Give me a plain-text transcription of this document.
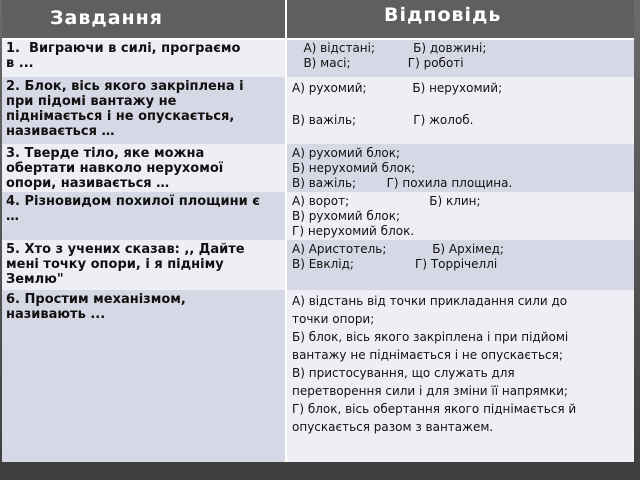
Завдання	Відповідь
1.  Виграючи в силі, програємо
в ...
А) відстані;          Б) довжині;
В) масі;               Г) роботі
2. Блок, вісь якого закріплена і
при підомі вантажу не
піднімається і не опускається,
називається …
А) рухомий;            Б) нерухомий;

В) важіль;               Г) жолоб.
3. Тверде тіло, яке можна
обертати навколо нерухомої
опори, називається …
А) рухомий блок;
Б) нерухомий блок;
В) важіль;        Г) похила площина.
4. Різновидом похилої площини є
…
А) ворот;                     Б) клин;
В) рухомий блок;
Г) нерухомий блок.
5. Хто з учених сказав: ,, Дайте
мені точку опори, і я підніму
Землю"
А) Аристотель;            Б) Архімед;
В) Евклід;                Г) Торрічеллі
6. Простим механізмом,
називають ...
А) відстань від точки прикладання сили до
точки опори;
Б) блок, вісь якого закріплена і при підйомі
вантажу не піднімається і не опускається;
В) пристосування, що служать для
перетворення сили і для зміни її напрямки;
Г) блок, вісь обертання якого піднімається й
опускається разом з вантажем.
